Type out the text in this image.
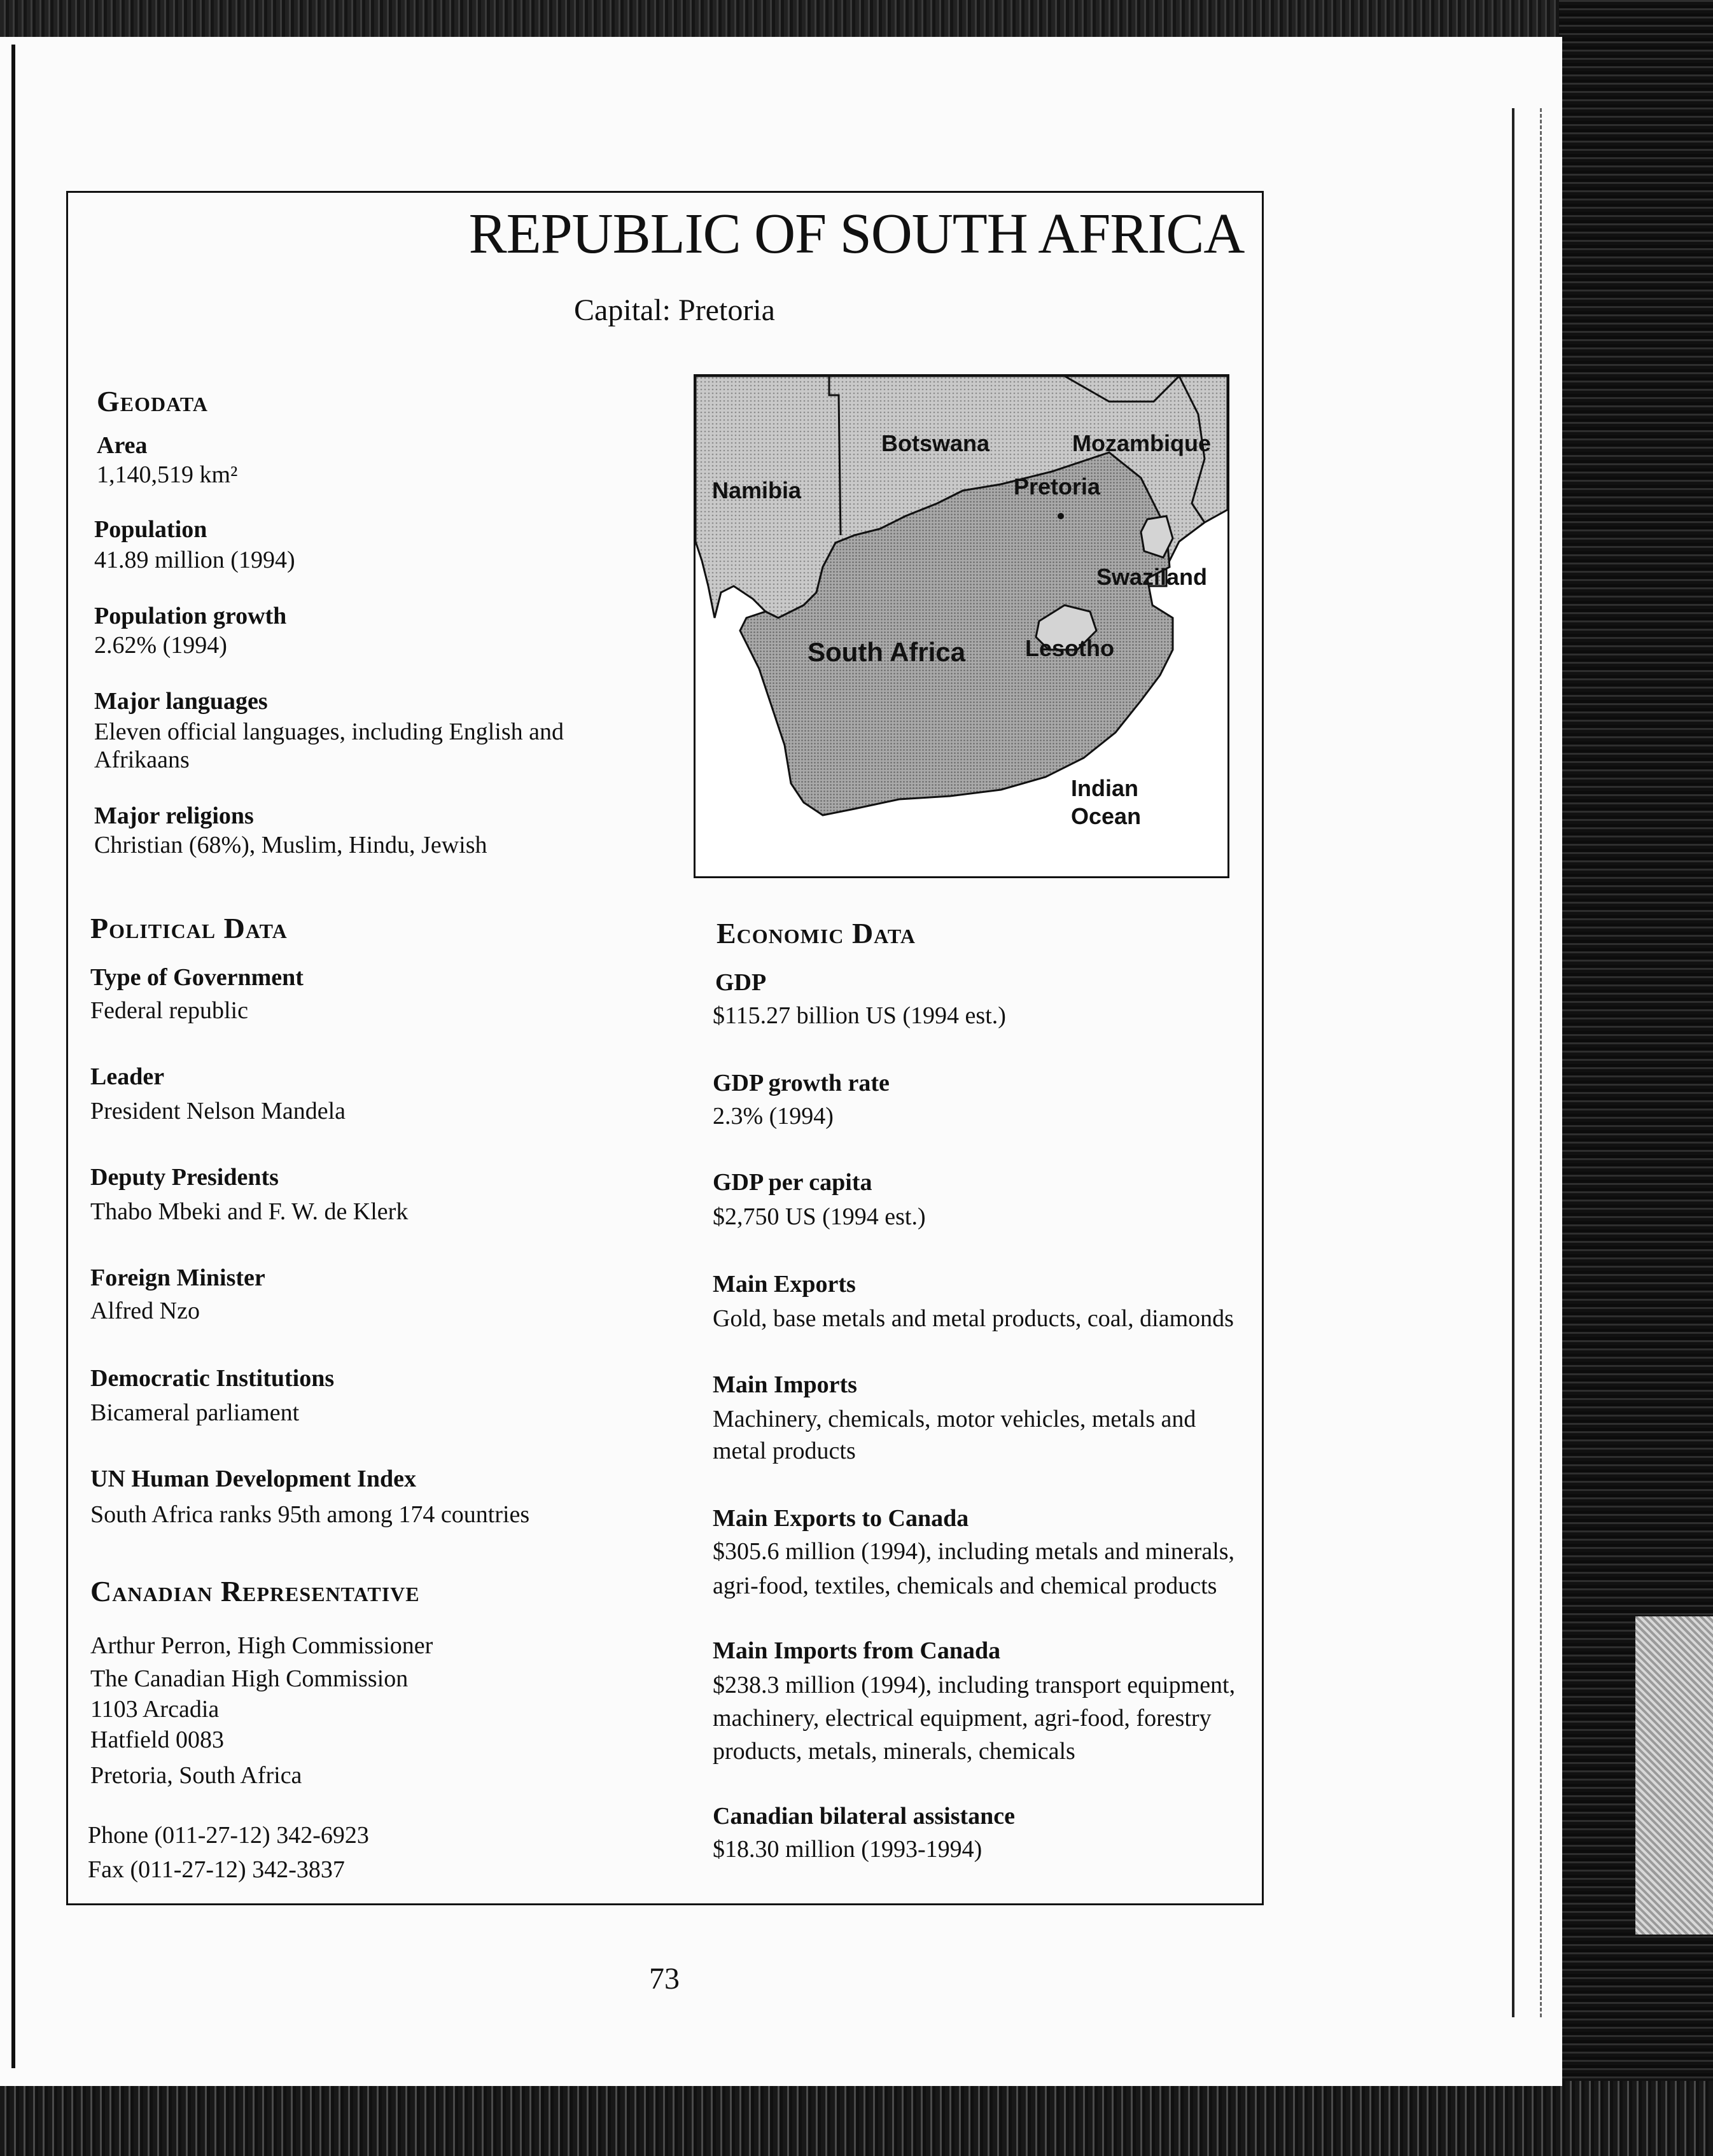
REPUBLIC OF SOUTH AFRICA
Capital: Pretoria
Geodata
Area
1,140,519 km²
Population
41.89 million (1994)
Population growth
2.62% (1994)
Major languages
Eleven official languages, including English and
Afrikaans
Major religions
Christian (68%), Muslim, Hindu, Jewish
Botswana	Mozambique
Namibia	Pretoria
Swaziland
South Africa	Lesotho
Indian
Ocean
Political Data
Type of Government
Federal republic
Leader
President Nelson Mandela
Deputy Presidents
Thabo Mbeki and F. W. de Klerk
Foreign Minister
Alfred Nzo
Democratic Institutions
Bicameral parliament
UN Human Development Index
South Africa ranks 95th among 174 countries
Canadian Representative
Arthur Perron, High Commissioner
The Canadian High Commission
1103 Arcadia
Hatfield 0083
Pretoria, South Africa
Phone (011-27-12) 342-6923
Fax (011-27-12) 342-3837
Economic Data
GDP
$115.27 billion US (1994 est.)
GDP growth rate
2.3% (1994)
GDP per capita
$2,750 US (1994 est.)
Main Exports
Gold, base metals and metal products, coal, diamonds
Main Imports
Machinery, chemicals, motor vehicles, metals and
metal products
Main Exports to Canada
$305.6 million (1994), including metals and minerals,
agri-food, textiles, chemicals and chemical products
Main Imports from Canada
$238.3 million (1994), including transport equipment,
machinery, electrical equipment, agri-food, forestry
products, metals, minerals, chemicals
Canadian bilateral assistance
$18.30 million (1993-1994)
73
